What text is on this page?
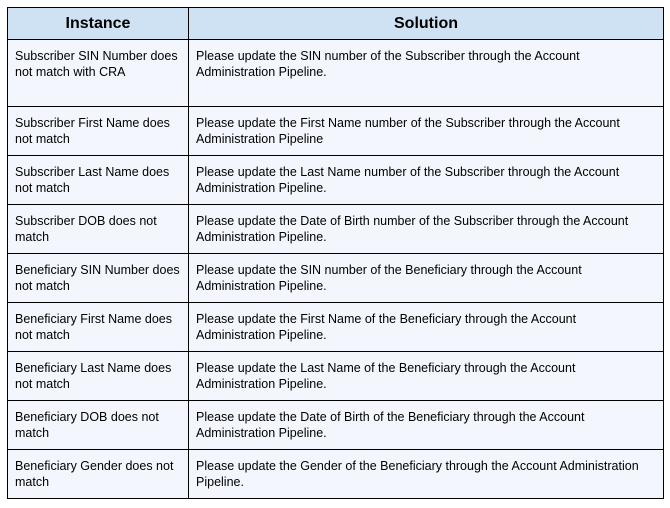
Instance	Solution
Subscriber SIN Number does not match with CRA	Please update the SIN number of the Subscriber through the Account Administration Pipeline.
Subscriber First Name does not match	Please update the First Name number of the Subscriber through the Account Administration Pipeline
Subscriber Last Name does not match	Please update the Last Name number of the Subscriber through the Account Administration Pipeline.
Subscriber DOB does not match	Please update the Date of Birth number of the Subscriber through the Account Administration Pipeline.
Beneficiary SIN Number does not match	Please update the SIN number of the Beneficiary through the Account Administration Pipeline.
Beneficiary First Name does not match	Please update the First Name of the Beneficiary through the Account Administration Pipeline.
Beneficiary Last Name does not match	Please update the Last Name of the Beneficiary through the Account Administration Pipeline.
Beneficiary DOB does not match	Please update the Date of Birth of the Beneficiary through the Account Administration Pipeline.
Beneficiary Gender does not match	Please update the Gender of the Beneficiary through the Account Administration Pipeline.
